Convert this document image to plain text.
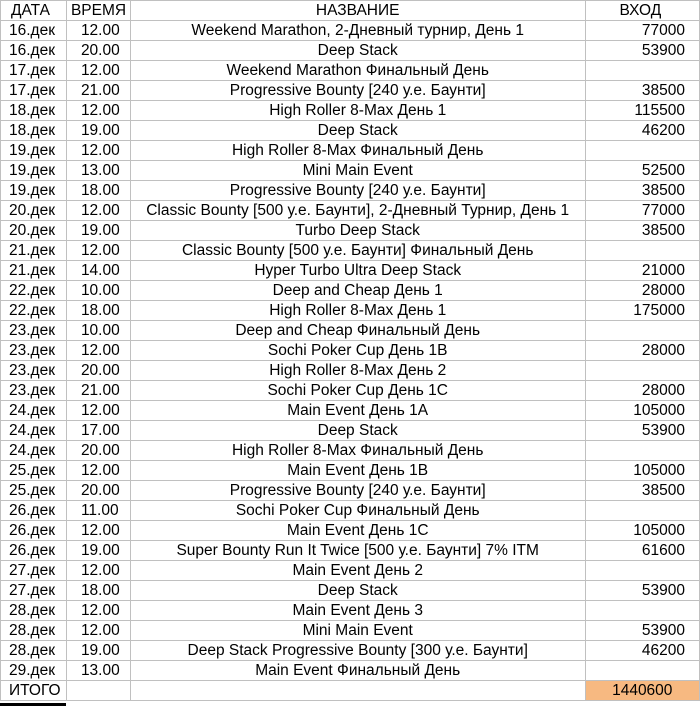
ДАТА	ВРЕМЯ	НАЗВАНИЕ	ВХОД
16.дек	12.00	Weekend Marathon, 2-Дневный турнир, День 1	77000
16.дек	20.00	Deep Stack	53900
17.дек	12.00	Weekend Marathon Финальный День	
17.дек	21.00	Progressive Bounty [240 у.е. Баунти]	38500
18.дек	12.00	High Roller 8-Max День 1	115500
18.дек	19.00	Deep Stack	46200
19.дек	12.00	High Roller 8-Max Финальный День	
19.дек	13.00	Mini Main Event	52500
19.дек	18.00	Progressive Bounty [240 у.е. Баунти]	38500
20.дек	12.00	Classic Bounty [500 у.е. Баунти], 2-Дневный Турнир, День 1	77000
20.дек	19.00	Turbo Deep Stack	38500
21.дек	12.00	Classic Bounty [500 у.е. Баунти] Финальный День	
21.дек	14.00	Hyper Turbo Ultra Deep Stack	21000
22.дек	10.00	Deep and Cheap День 1	28000
22.дек	18.00	High Roller 8-Max День 1	175000
23.дек	10.00	Deep and Cheap Финальный День	
23.дек	12.00	Sochi Poker Cup День 1B	28000
23.дек	20.00	High Roller 8-Max День 2	
23.дек	21.00	Sochi Poker Cup День 1C	28000
24.дек	12.00	Main Event День 1A	105000
24.дек	17.00	Deep Stack	53900
24.дек	20.00	High Roller 8-Max Финальный День	
25.дек	12.00	Main Event День 1B	105000
25.дек	20.00	Progressive Bounty [240 у.е. Баунти]	38500
26.дек	11.00	Sochi Poker Cup Финальный День	
26.дек	12.00	Main Event День 1C	105000
26.дек	19.00	Super Bounty Run It Twice [500 у.е. Баунти] 7% ITM	61600
27.дек	12.00	Main Event День 2	
27.дек	18.00	Deep Stack	53900
28.дек	12.00	Main Event День 3	
28.дек	12.00	Mini Main Event	53900
28.дек	19.00	Deep Stack Progressive Bounty [300 у.е. Баунти]	46200
29.дек	13.00	Main Event Финальный День	
ИТОГО			1440600
